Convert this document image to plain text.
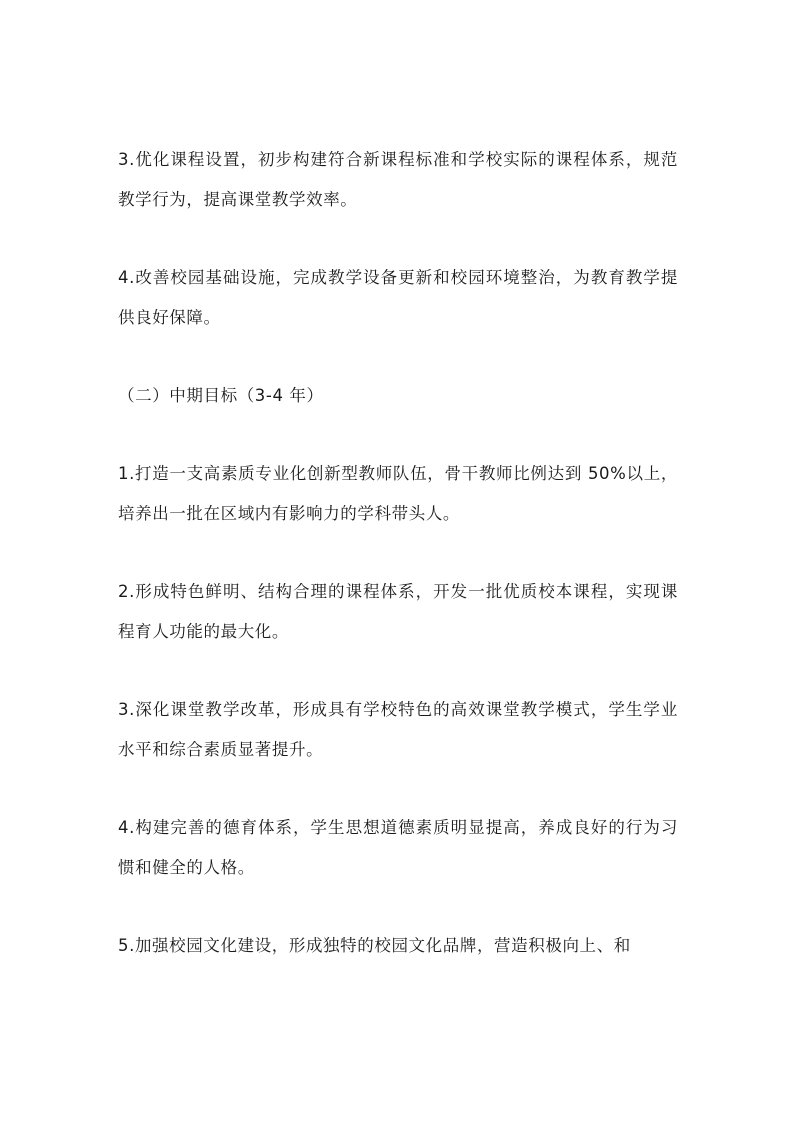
3.优化课程设置，初步构建符合新课程标准和学校实际的课程体系，规范教学行为，提高课堂教学效率。

4.改善校园基础设施，完成教学设备更新和校园环境整治，为教育教学提供良好保障。

（二）中期目标（3-4 年）

1.打造一支高素质专业化创新型教师队伍，骨干教师比例达到 50%以上，培养出一批在区域内有影响力的学科带头人。

2.形成特色鲜明、结构合理的课程体系，开发一批优质校本课程，实现课程育人功能的最大化。

3.深化课堂教学改革，形成具有学校特色的高效课堂教学模式，学生学业水平和综合素质显著提升。

4.构建完善的德育体系，学生思想道德素质明显提高，养成良好的行为习惯和健全的人格。

5.加强校园文化建设，形成独特的校园文化品牌，营造积极向上、和
